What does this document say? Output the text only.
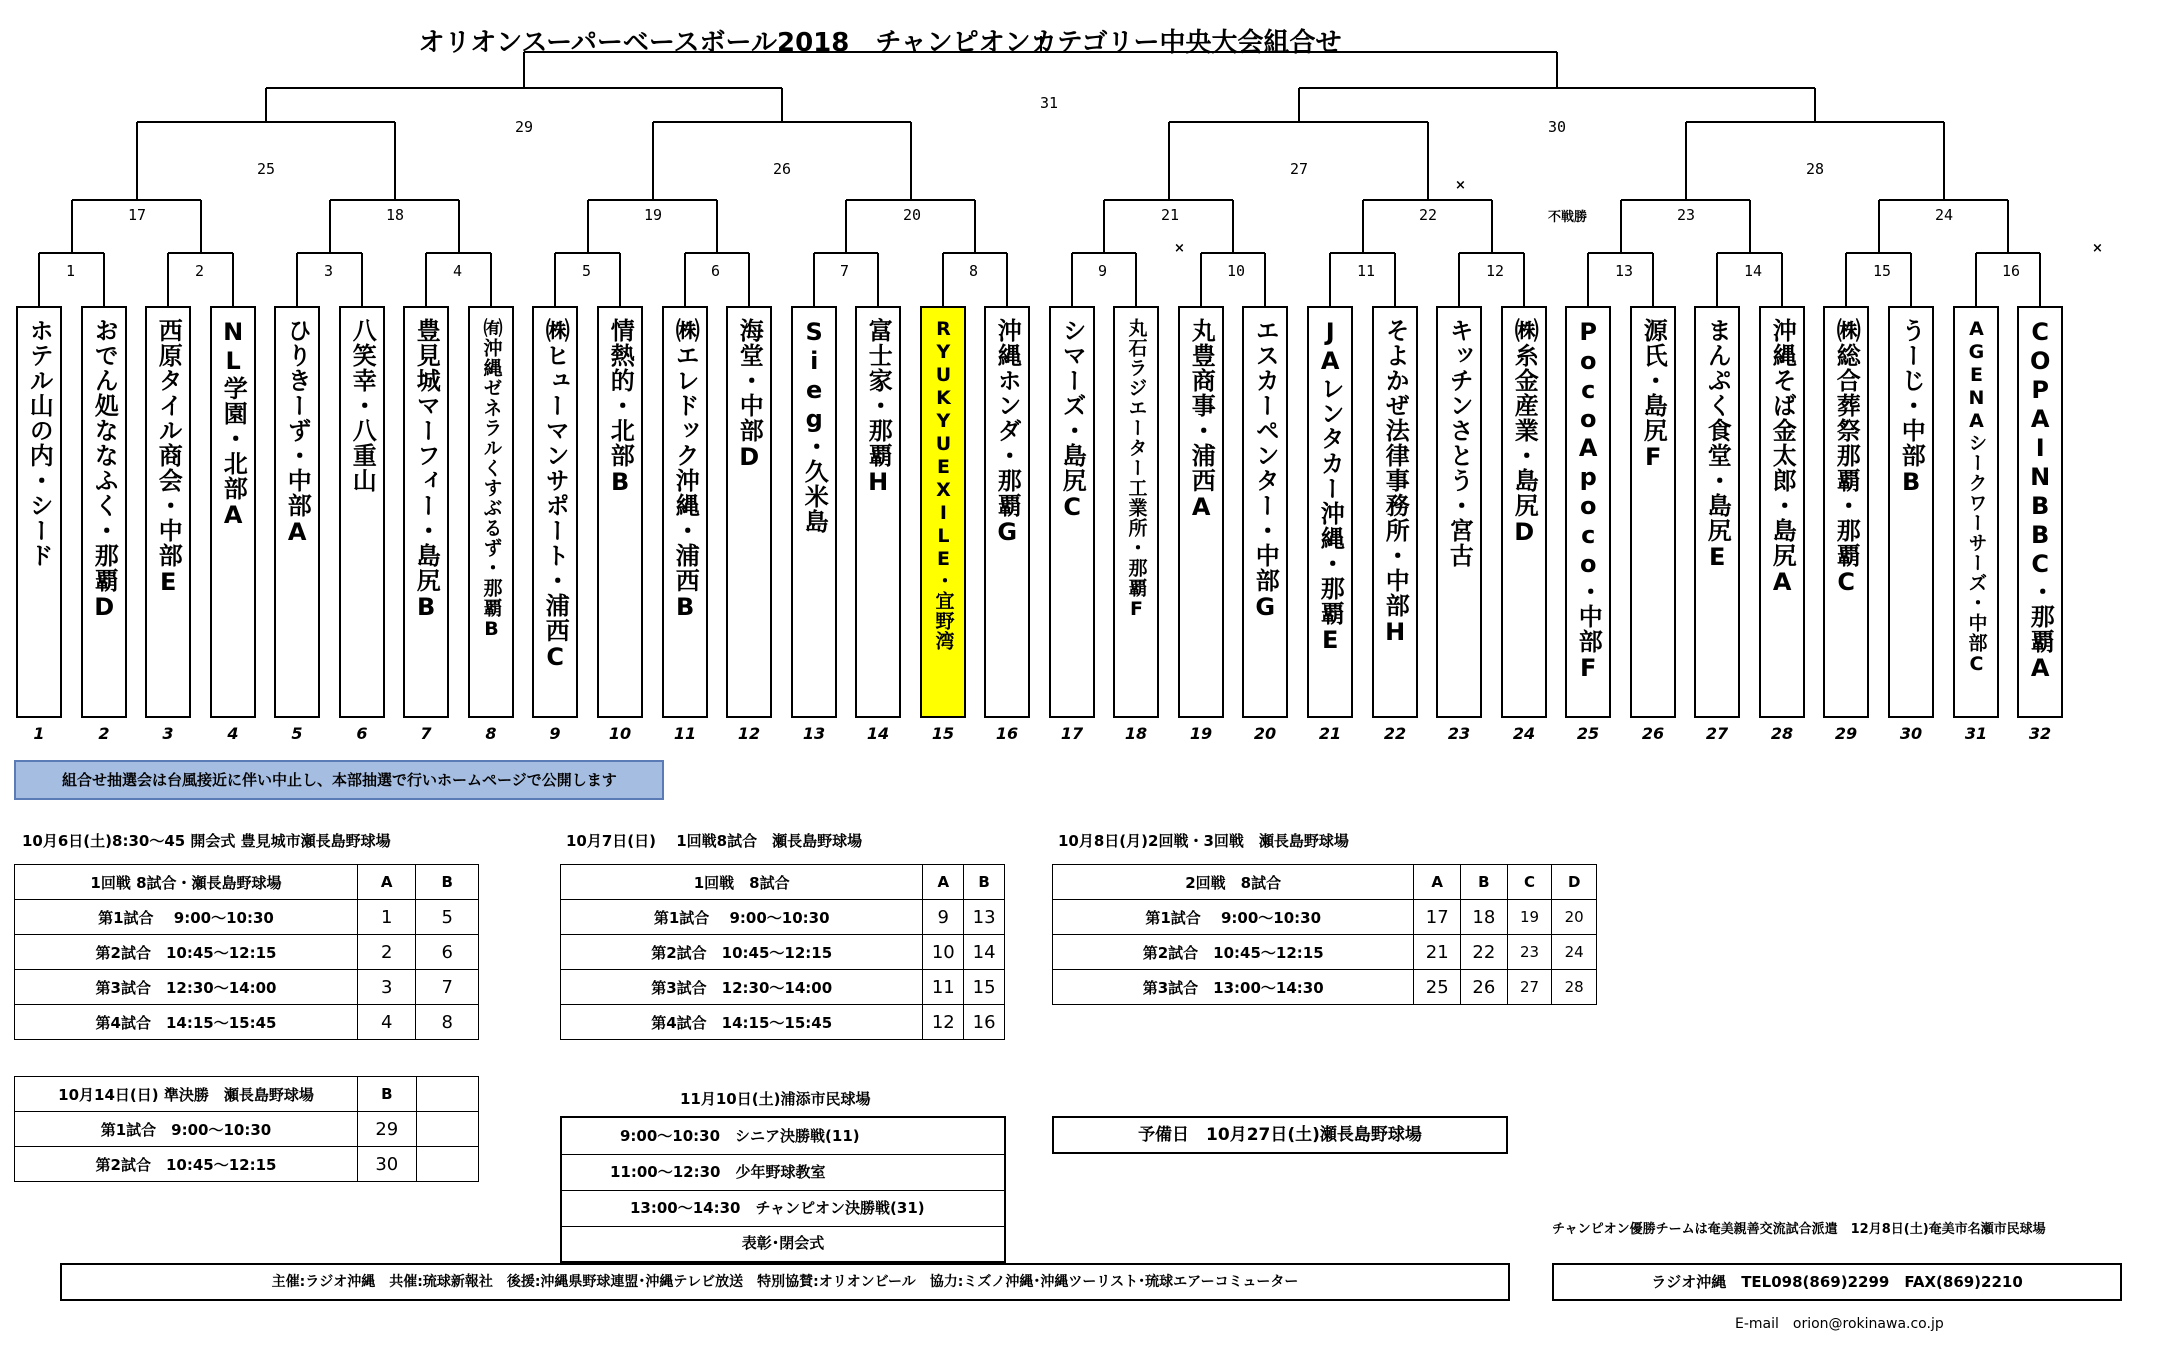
オリオンスーパーベースボール2018　チャンピオンカテゴリー中央大会組合せ
1	2	3	4	5	6	7	8	9	10	11	12	13	14	15	16
17	18	19	20	21	22	23	24
25	26	27	28
29	30
31
不戦勝
×
×
×
ホテル山の内・シード
1
おでん処ななふく・那覇D
2
西原タイル商会・中部E
3
NL学園・北部A
4
ひりきーず・中部A
5
八笑幸・八重山
6
豊見城マーフィー・島尻B
7
㈲沖縄ゼネラルくすぶるず・那覇B
8
㈱ヒューマンサポート・浦西C
9
情熱的・北部B
10
㈱エレドック沖縄・浦西B
11
海堂・中部D
12
Sieg・久米島
13
富士家・那覇H
14
RYUKYUEXILE・宜野湾
15
沖縄ホンダ・那覇G
16
シマーズ・島尻C
17
丸石ラジエーター工業所・那覇F
18
丸豊商事・浦西A
19
エスカーペンター・中部G
20
JAレンタカー沖縄・那覇E
21
そよかぜ法律事務所・中部H
22
キッチンさとう・宮古
23
㈱糸金産業・島尻D
24
PocoApoco・中部F
25
源氏・島尻F
26
まんぷく食堂・島尻E
27
沖縄そば金太郎・島尻A
28
㈱総合葬祭那覇・那覇C
29
うーじ・中部B
30
AGENAシークワーサーズ・中部C
31
COPAINBBC・那覇A
32
組合せ抽選会は台風接近に伴い中止し、本部抽選で行いホームページで公開します
10月6日(土)8:30～45 開会式 豊見城市瀬長島野球場
1回戦 8試合・瀬長島野球場	A	B
第1試合　 9:00～10:30	1	5
第2試合　10:45～12:15	2	6
第3試合　12:30～14:00	3	7
第4試合　14:15～15:45	4	8
10月7日(日)　 1回戦8試合　瀬長島野球場
1回戦　8試合	A	B
第1試合　 9:00～10:30	9	13
第2試合　10:45～12:15	10	14
第3試合　12:30～14:00	11	15
第4試合　14:15～15:45	12	16
10月8日(月)2回戦・3回戦　瀬長島野球場
2回戦　8試合	A	B	C	D
第1試合　 9:00～10:30	17	18	19	20
第2試合　10:45～12:15	21	22	23	24
第3試合　13:00～14:30	25	26	27	28
10月14日(日) 準決勝　瀬長島野球場	B	
第1試合　9:00～10:30	29	
第2試合　10:45～12:15	30	
11月10日(土)浦添市民球場
9:00～10:30　シニア決勝戦(11)
11:00～12:30　少年野球教室
13:00～14:30　チャンピオン決勝戦(31)
表彰･閉会式
予備日　10月27日(土)瀬長島野球場
チャンピオン優勝チームは奄美親善交流試合派遣　12月8日(土)奄美市名瀬市民球場
主催:ラジオ沖縄　共催:琉球新報社　後援:沖縄県野球連盟･沖縄テレビ放送　特別協賛:オリオンビール　協力:ミズノ沖縄･沖縄ツーリスト･琉球エアーコミューター	ラジオ沖縄　TEL098(869)2299　FAX(869)2210
E-mail　orion@rokinawa.co.jp
